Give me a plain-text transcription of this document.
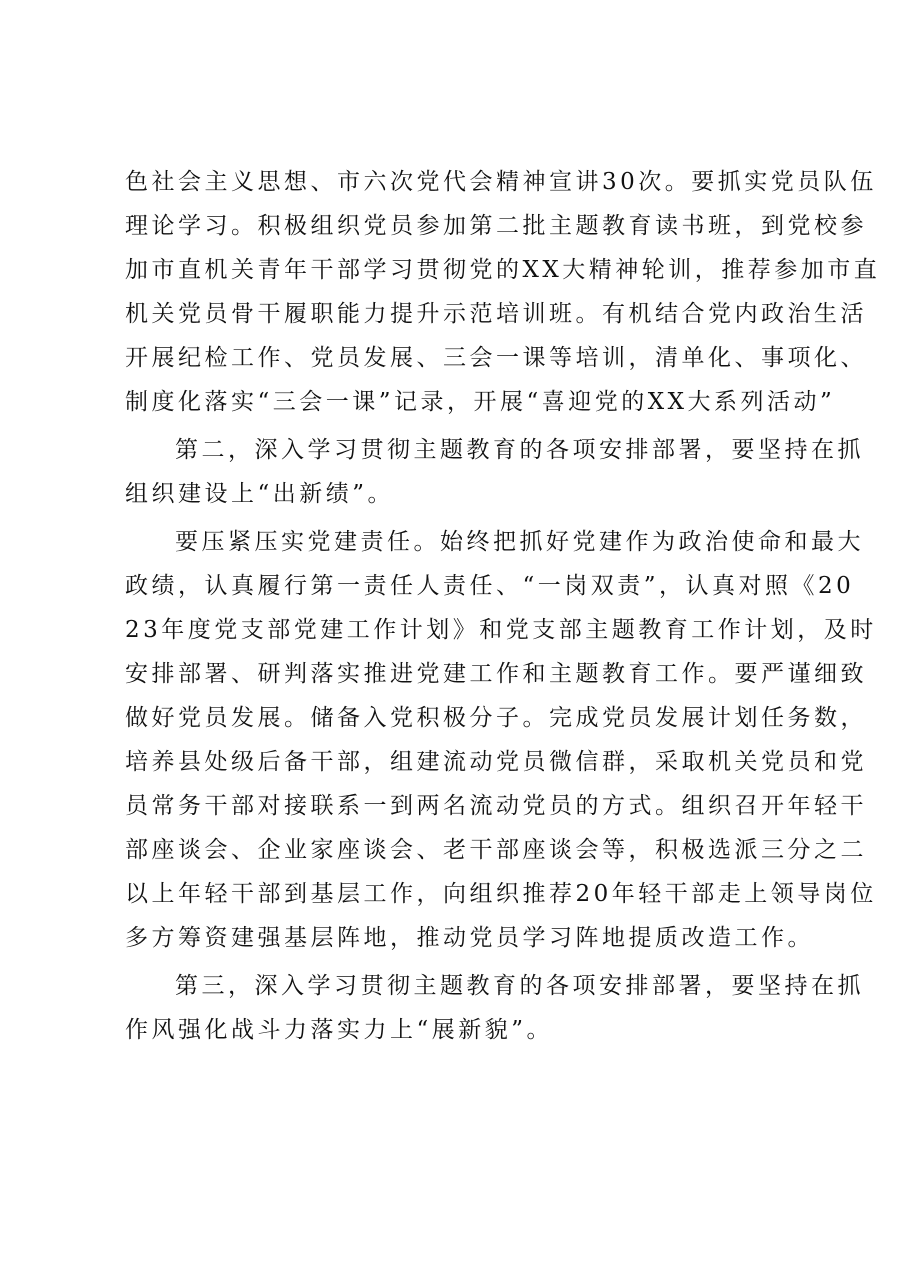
色社会主义思想、市六次党代会精神宣讲30次。要抓实党员队伍
理论学习。积极组织党员参加第二批主题教育读书班，到党校参
加市直机关青年干部学习贯彻党的XX大精神轮训，推荐参加市直
机关党员骨干履职能力提升示范培训班。有机结合党内政治生活
开展纪检工作、党员发展、三会一课等培训，清单化、事项化、
制度化落实“三会一课”记录，开展“喜迎党的XX大系列活动”
第二，深入学习贯彻主题教育的各项安排部署，要坚持在抓
组织建设上“出新绩”。
要压紧压实党建责任。始终把抓好党建作为政治使命和最大
政绩，认真履行第一责任人责任、“一岗双责”，认真对照《20
23年度党支部党建工作计划》和党支部主题教育工作计划，及时
安排部署、研判落实推进党建工作和主题教育工作。要严谨细致
做好党员发展。储备入党积极分子。完成党员发展计划任务数，
培养县处级后备干部，组建流动党员微信群，采取机关党员和党
员常务干部对接联系一到两名流动党员的方式。组织召开年轻干
部座谈会、企业家座谈会、老干部座谈会等，积极选派三分之二
以上年轻干部到基层工作，向组织推荐20年轻干部走上领导岗位
多方筹资建强基层阵地，推动党员学习阵地提质改造工作。
第三，深入学习贯彻主题教育的各项安排部署，要坚持在抓
作风强化战斗力落实力上“展新貌”。
